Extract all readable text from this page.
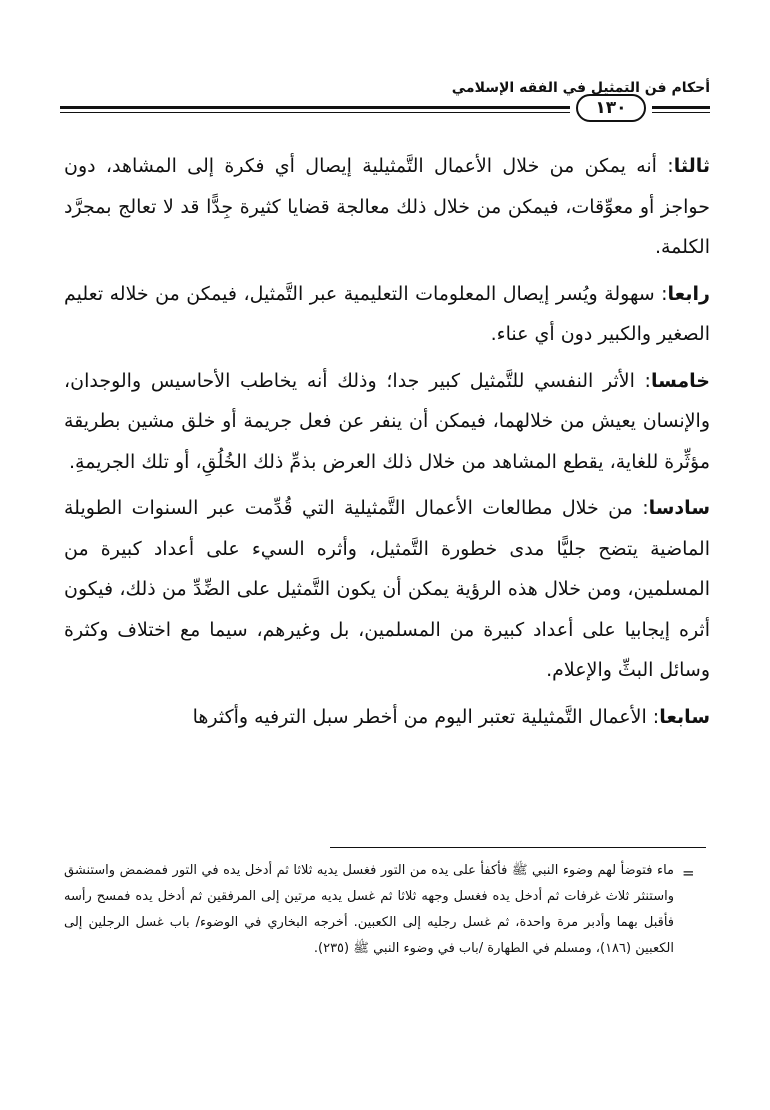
أحكام فن التمثيل في الفقه الإسلامي
١٣٠

ثالثا: أنه يمكن من خلال الأعمال التَّمثيلية إيصال أي فكرة إلى المشاهد، دون حواجز أو معوِّقات، فيمكن من خلال ذلك معالجة قضايا كثيرة جِدًّا قد لا تعالج بمجرَّد الكلمة.

رابعا: سهولة ويُسر إيصال المعلومات التعليمية عبر التَّمثيل، فيمكن من خلاله تعليم الصغير والكبير دون أي عناء.

خامسا: الأثر النفسي للتَّمثيل كبير جدا؛ وذلك أنه يخاطب الأحاسيس والوجدان، والإنسان يعيش من خلالهما، فيمكن أن ينفر عن فعل جريمة أو خلق مشين بطريقة مؤثِّرة للغاية، يقطع المشاهد من خلال ذلك العرض بذمِّ ذلك الخُلُقِ، أو تلك الجريمةِ.

سادسا: من خلال مطالعات الأعمال التَّمثيلية التي قُدِّمت عبر السنوات الطويلة الماضية يتضح جليًّا مدى خطورة التَّمثيل، وأثره السيء على أعداد كبيرة من المسلمين، ومن خلال هذه الرؤية يمكن أن يكون التَّمثيل على الضِّدِّ من ذلك، فيكون أثره إيجابيا على أعداد كبيرة من المسلمين، بل وغيرهم، سيما مع اختلاف وكثرة وسائل البثِّ والإعلام.

سابعا: الأعمال التَّمثيلية تعتبر اليوم من أخطر سبل الترفيه وأكثرها

=
ماء فتوضأ لهم وضوء النبي ﷺ فأكفأ على يده من التور فغسل يديه ثلاثا ثم أدخل يده في التور فمضمض واستنشق واستنثر ثلاث غرفات ثم أدخل يده فغسل وجهه ثلاثا ثم غسل يديه مرتين إلى المرفقين ثم أدخل يده فمسح رأسه فأقبل بهما وأدبر مرة واحدة، ثم غسل رجليه إلى الكعبين. أخرجه البخاري في الوضوء/ باب غسل الرجلين إلى الكعبين (١٨٦)، ومسلم في الطهارة /باب في وضوء النبي ﷺ (٢٣٥).
